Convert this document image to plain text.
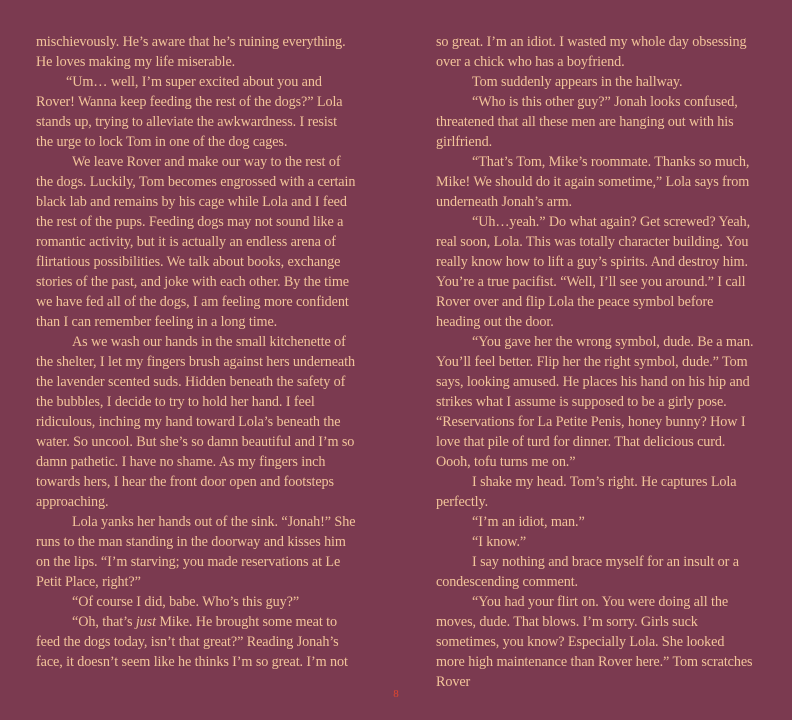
mischievously. He’s aware that he’s ruining everything. He loves making my life miserable.

“Um… well, I’m super excited about you and Rover! Wanna keep feeding the rest of the dogs?” Lola stands up, trying to alleviate the awkwardness. I resist the urge to lock Tom in one of the dog cages.

We leave Rover and make our way to the rest of the dogs. Luckily, Tom becomes engrossed with a certain black lab and remains by his cage while Lola and I feed the rest of the pups. Feeding dogs may not sound like a romantic activity, but it is actually an endless arena of flirtatious possibilities. We talk about books, exchange stories of the past, and joke with each other. By the time we have fed all of the dogs, I am feeling more confident than I can remember feeling in a long time.

As we wash our hands in the small kitchenette of the shelter, I let my fingers brush against hers underneath the lavender scented suds. Hidden beneath the safety of the bubbles, I decide to try to hold her hand. I feel ridiculous, inching my hand toward Lola’s beneath the water. So uncool. But she’s so damn beautiful and I’m so damn pathetic. I have no shame. As my fingers inch towards hers, I hear the front door open and footsteps approaching.

Lola yanks her hands out of the sink. “Jonah!” She runs to the man standing in the doorway and kisses him on the lips. “I’m starving; you made reservations at Le Petit Place, right?”

“Of course I did, babe. Who’s this guy?”

“Oh, that’s just Mike. He brought some meat to feed the dogs today, isn’t that great?” Reading Jonah’s face, it doesn’t seem like he thinks I’m so great. I’m not

so great. I’m an idiot. I wasted my whole day obsessing over a chick who has a boyfriend.

Tom suddenly appears in the hallway.

“Who is this other guy?” Jonah looks confused, threatened that all these men are hanging out with his girlfriend.

“That’s Tom, Mike’s roommate. Thanks so much, Mike! We should do it again sometime,” Lola says from underneath Jonah’s arm.

“Uh…yeah.” Do what again? Get screwed? Yeah, real soon, Lola. This was totally character building. You really know how to lift a guy’s spirits. And destroy him. You’re a true pacifist. “Well, I’ll see you around.” I call Rover over and flip Lola the peace symbol before heading out the door.

“You gave her the wrong symbol, dude. Be a man. You’ll feel better. Flip her the right symbol, dude.” Tom says, looking amused. He places his hand on his hip and strikes what I assume is supposed to be a girly pose. “Reservations for La Petite Penis, honey bunny? How I love that pile of turd for dinner. That delicious curd. Oooh, tofu turns me on.”

I shake my head. Tom’s right. He captures Lola perfectly.

“I’m an idiot, man.”

“I know.”

I say nothing and brace myself for an insult or a condescending comment.

“You had your flirt on. You were doing all the moves, dude. That blows. I’m sorry. Girls suck sometimes, you know? Especially Lola. She looked more high maintenance than Rover here.” Tom scratches Rover

8
